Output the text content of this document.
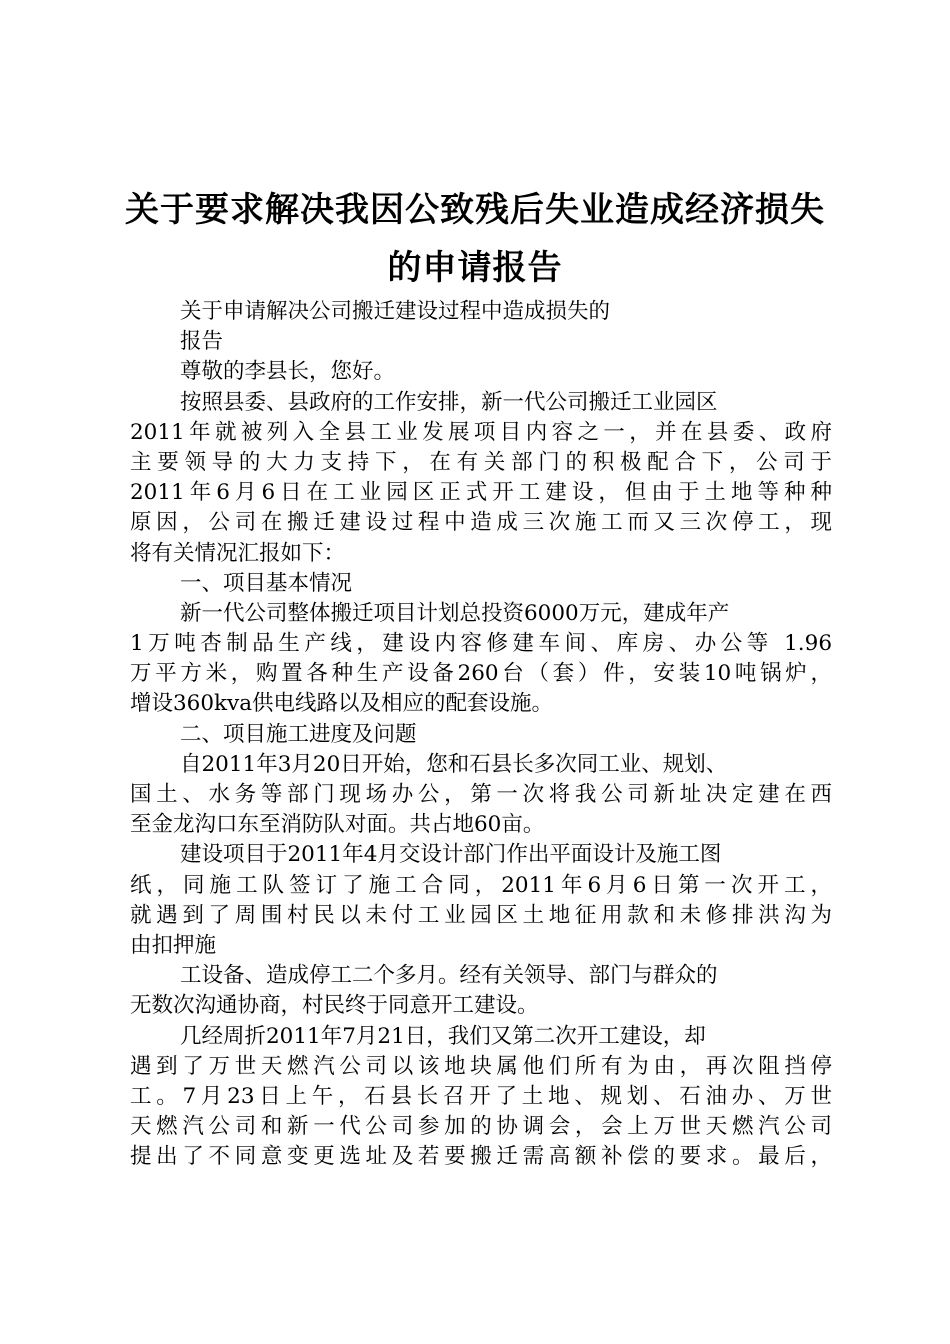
关于要求解决我因公致残后失业造成经济损失
的申请报告
关于申请解决公司搬迁建设过程中造成损失的
报告
尊敬的李县长，您好。
按照县委、县政府的工作安排，新一代公司搬迁工业园区
2011年就被列入全县工业发展项目内容之一，并在县委、政府
主要领导的大力支持下，在有关部门的积极配合下，公司于
2011年6月6日在工业园区正式开工建设，但由于土地等种种
原因，公司在搬迁建设过程中造成三次施工而又三次停工，现
将有关情况汇报如下：
一、项目基本情况
新一代公司整体搬迁项目计划总投资6000万元，建成年产
1万吨杏制品生产线，建设内容修建车间、库房、办公等 1.96
万平方米，购置各种生产设备260台（套）件，安装10吨锅炉，
增设360kva供电线路以及相应的配套设施。
二、项目施工进度及问题
自2011年3月20日开始，您和石县长多次同工业、规划、
国土、水务等部门现场办公，第一次将我公司新址决定建在西
至金龙沟口东至消防队对面。共占地60亩。
建设项目于2011年4月交设计部门作出平面设计及施工图
纸，同施工队签订了施工合同，2011年6月6日第一次开工，
就遇到了周围村民以未付工业园区土地征用款和未修排洪沟为
由扣押施
工设备、造成停工二个多月。经有关领导、部门与群众的
无数次沟通协商，村民终于同意开工建设。
几经周折2011年7月21日，我们又第二次开工建设，却
遇到了万世天燃汽公司以该地块属他们所有为由，再次阻挡停
工。7月23日上午，石县长召开了土地、规划、石油办、万世
天燃汽公司和新一代公司参加的协调会，会上万世天燃汽公司
提出了不同意变更选址及若要搬迁需高额补偿的要求。最后，
